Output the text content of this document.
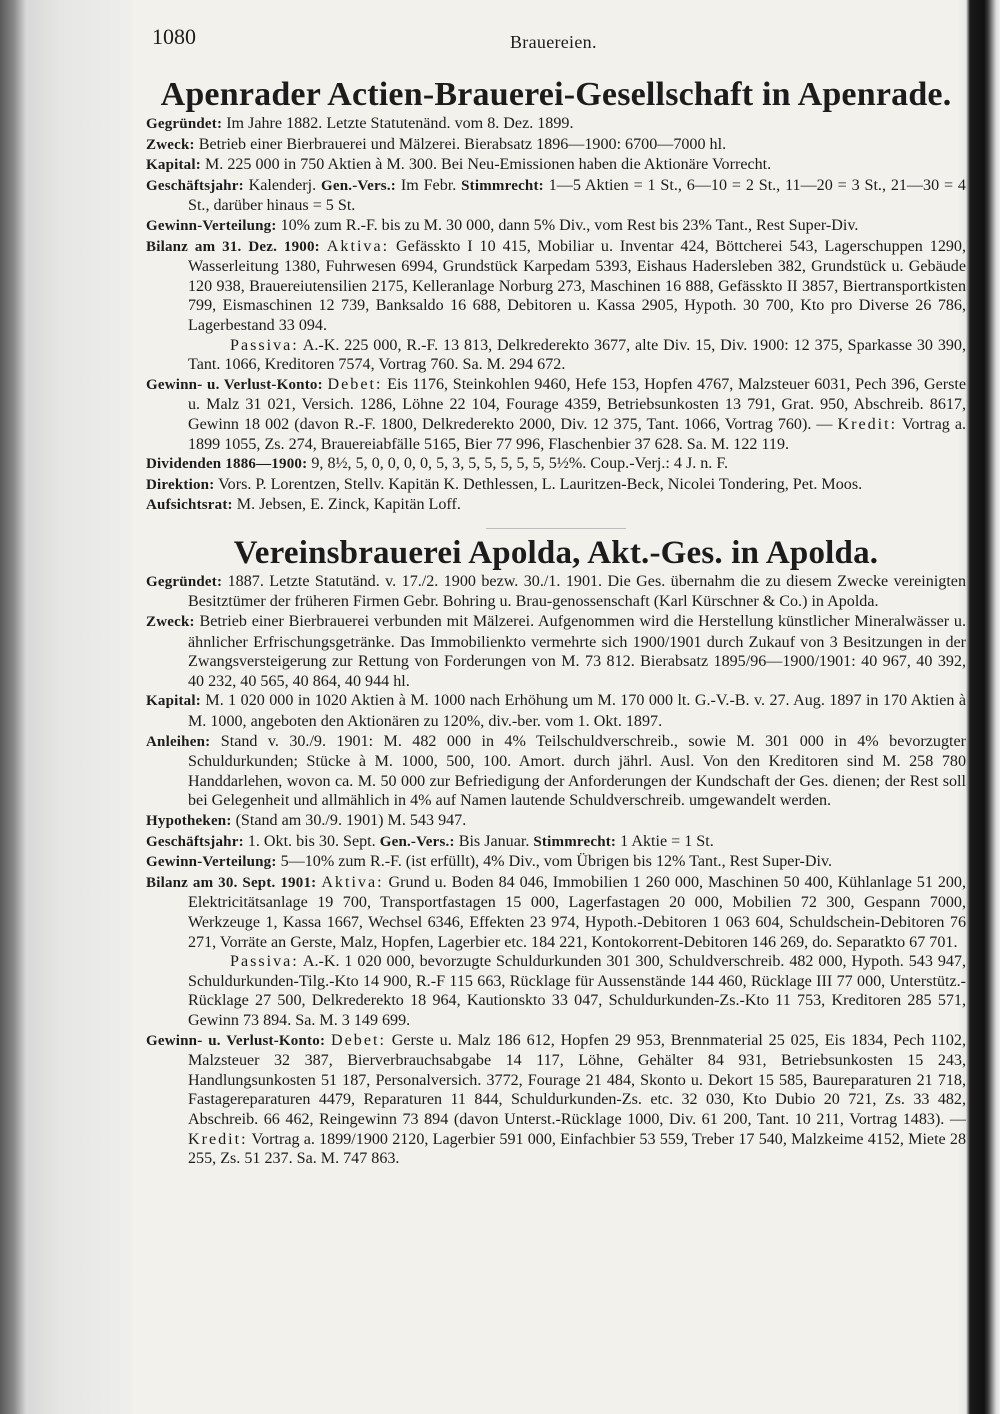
1080	Brauereien.
Apenrader Actien-Brauerei-Gesellschaft in Apenrade.

Gegründet: Im Jahre 1882. Letzte Statutenänd. vom 8. Dez. 1899.

Zweck: Betrieb einer Bierbrauerei und Mälzerei. Bierabsatz 1896—1900: 6700—7000 hl.

Kapital: M. 225 000 in 750 Aktien à M. 300. Bei Neu-Emissionen haben die Aktionäre Vorrecht.

Geschäftsjahr: Kalenderj. Gen.-Vers.: Im Febr. Stimmrecht: 1—5 Aktien = 1 St., 6—10 = 2 St., 11—20 = 3 St., 21—30 = 4 St., darüber hinaus = 5 St.

Gewinn-Verteilung: 10% zum R.-F. bis zu M. 30 000, dann 5% Div., vom Rest bis 23% Tant., Rest Super-Div.

Bilanz am 31. Dez. 1900: Aktiva: Gefässkto I 10 415, Mobiliar u. Inventar 424, Böttcherei 543, Lagerschuppen 1290, Wasserleitung 1380, Fuhrwesen 6994, Grundstück Karpedam 5393, Eishaus Hadersleben 382, Grundstück u. Gebäude 120 938, Brauereiutensilien 2175, Kelleranlage Norburg 273, Maschinen 16 888, Gefässkto II 3857, Biertransportkisten 799, Eismaschinen 12 739, Banksaldo 16 688, Debitoren u. Kassa 2905, Hypoth. 30 700, Kto pro Diverse 26 786, Lagerbestand 33 094.

Passiva: A.-K. 225 000, R.-F. 13 813, Delkrederekto 3677, alte Div. 15, Div. 1900: 12 375, Sparkasse 30 390, Tant. 1066, Kreditoren 7574, Vortrag 760. Sa. M. 294 672.

Gewinn- u. Verlust-Konto: Debet: Eis 1176, Steinkohlen 9460, Hefe 153, Hopfen 4767, Malzsteuer 6031, Pech 396, Gerste u. Malz 31 021, Versich. 1286, Löhne 22 104, Fourage 4359, Betriebsunkosten 13 791, Grat. 950, Abschreib. 8617, Gewinn 18 002 (davon R.-F. 1800, Delkrederekto 2000, Div. 12 375, Tant. 1066, Vortrag 760). — Kredit: Vortrag a. 1899 1055, Zs. 274, Brauereiabfälle 5165, Bier 77 996, Flaschenbier 37 628. Sa. M. 122 119.

Dividenden 1886—1900: 9, 8½, 5, 0, 0, 0, 0, 5, 3, 5, 5, 5, 5, 5, 5½%. Coup.-Verj.: 4 J. n. F.

Direktion: Vors. P. Lorentzen, Stellv. Kapitän K. Dethlessen, L. Lauritzen-Beck, Nicolei Tondering, Pet. Moos.

Aufsichtsrat: M. Jebsen, E. Zinck, Kapitän Loff.

Vereinsbrauerei Apolda, Akt.-Ges. in Apolda.

Gegründet: 1887. Letzte Statutänd. v. 17./2. 1900 bezw. 30./1. 1901. Die Ges. übernahm die zu diesem Zwecke vereinigten Besitztümer der früheren Firmen Gebr. Bohring u. Brau-genossenschaft (Karl Kürschner & Co.) in Apolda.

Zweck: Betrieb einer Bierbrauerei verbunden mit Mälzerei. Aufgenommen wird die Herstellung künstlicher Mineralwässer u. ähnlicher Erfrischungsgetränke. Das Immobilienkto vermehrte sich 1900/1901 durch Zukauf von 3 Besitzungen in der Zwangsversteigerung zur Rettung von Forderungen von M. 73 812. Bierabsatz 1895/96—1900/1901: 40 967, 40 392, 40 232, 40 565, 40 864, 40 944 hl.

Kapital: M. 1 020 000 in 1020 Aktien à M. 1000 nach Erhöhung um M. 170 000 lt. G.-V.-B. v. 27. Aug. 1897 in 170 Aktien à M. 1000, angeboten den Aktionären zu 120%, div.-ber. vom 1. Okt. 1897.

Anleihen: Stand v. 30./9. 1901: M. 482 000 in 4% Teilschuldverschreib., sowie M. 301 000 in 4% bevorzugter Schuldurkunden; Stücke à M. 1000, 500, 100. Amort. durch jährl. Ausl. Von den Kreditoren sind M. 258 780 Handdarlehen, wovon ca. M. 50 000 zur Befriedigung der Anforderungen der Kundschaft der Ges. dienen; der Rest soll bei Gelegenheit und allmählich in 4% auf Namen lautende Schuldverschreib. umgewandelt werden.

Hypotheken: (Stand am 30./9. 1901) M. 543 947.

Geschäftsjahr: 1. Okt. bis 30. Sept. Gen.-Vers.: Bis Januar. Stimmrecht: 1 Aktie = 1 St.

Gewinn-Verteilung: 5—10% zum R.-F. (ist erfüllt), 4% Div., vom Übrigen bis 12% Tant., Rest Super-Div.

Bilanz am 30. Sept. 1901: Aktiva: Grund u. Boden 84 046, Immobilien 1 260 000, Maschinen 50 400, Kühlanlage 51 200, Elektricitätsanlage 19 700, Transportfastagen 15 000, Lagerfastagen 20 000, Mobilien 72 300, Gespann 7000, Werkzeuge 1, Kassa 1667, Wechsel 6346, Effekten 23 974, Hypoth.-Debitoren 1 063 604, Schuldschein-Debitoren 76 271, Vorräte an Gerste, Malz, Hopfen, Lagerbier etc. 184 221, Kontokorrent-Debitoren 146 269, do. Separatkto 67 701.

Passiva: A.-K. 1 020 000, bevorzugte Schuldurkunden 301 300, Schuldverschreib. 482 000, Hypoth. 543 947, Schuldurkunden-Tilg.-Kto 14 900, R.-F 115 663, Rücklage für Aussenstände 144 460, Rücklage III 77 000, Unterstütz.-Rücklage 27 500, Delkrederekto 18 964, Kautionskto 33 047, Schuldurkunden-Zs.-Kto 11 753, Kreditoren 285 571, Gewinn 73 894. Sa. M. 3 149 699.

Gewinn- u. Verlust-Konto: Debet: Gerste u. Malz 186 612, Hopfen 29 953, Brennmaterial 25 025, Eis 1834, Pech 1102, Malzsteuer 32 387, Bierverbrauchsabgabe 14 117, Löhne, Gehälter 84 931, Betriebsunkosten 15 243, Handlungsunkosten 51 187, Personalversich. 3772, Fourage 21 484, Skonto u. Dekort 15 585, Baureparaturen 21 718, Fastagereparaturen 4479, Reparaturen 11 844, Schuldurkunden-Zs. etc. 32 030, Kto Dubio 20 721, Zs. 33 482, Abschreib. 66 462, Reingewinn 73 894 (davon Unterst.-Rücklage 1000, Div. 61 200, Tant. 10 211, Vortrag 1483). — Kredit: Vortrag a. 1899/1900 2120, Lagerbier 591 000, Einfachbier 53 559, Treber 17 540, Malzkeime 4152, Miete 28 255, Zs. 51 237. Sa. M. 747 863.
